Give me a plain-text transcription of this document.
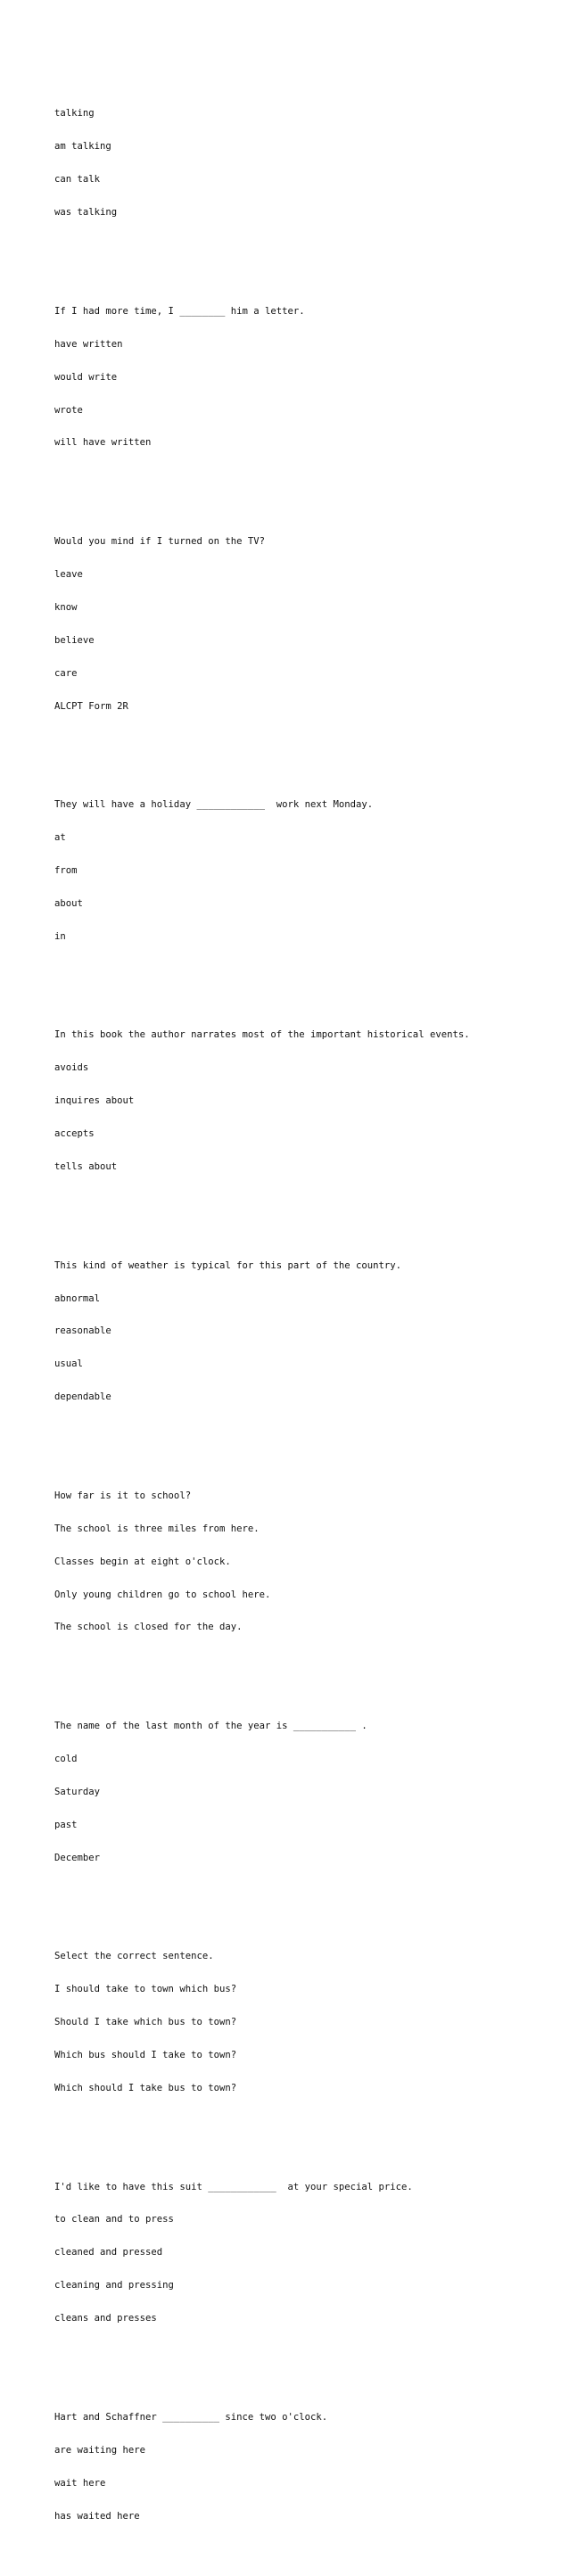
talking

am talking

can talk

was talking

If I had more time, I ________ him a letter.

have written

would write

wrote

will have written

Would you mind if I turned on the TV?

leave

know

believe

care

ALCPT Form 2R

They will have a holiday ____________  work next Monday.

at

from

about

in

In this book the author narrates most of the important historical events.

avoids

inquires about

accepts

tells about

This kind of weather is typical for this part of the country.

abnormal

reasonable

usual

dependable

How far is it to school?

The school is three miles from here.

Classes begin at eight o'clock.

Only young children go to school here.

The school is closed for the day.

The name of the last month of the year is ___________ .

cold

Saturday

past

December

Select the correct sentence.

I should take to town which bus?

Should I take which bus to town?

Which bus should I take to town?

Which should I take bus to town?

I'd like to have this suit ____________  at your special price.

to clean and to press

cleaned and pressed

cleaning and pressing

cleans and presses

Hart and Schaffner __________ since two o'clock.

are waiting here

wait here

has waited here
